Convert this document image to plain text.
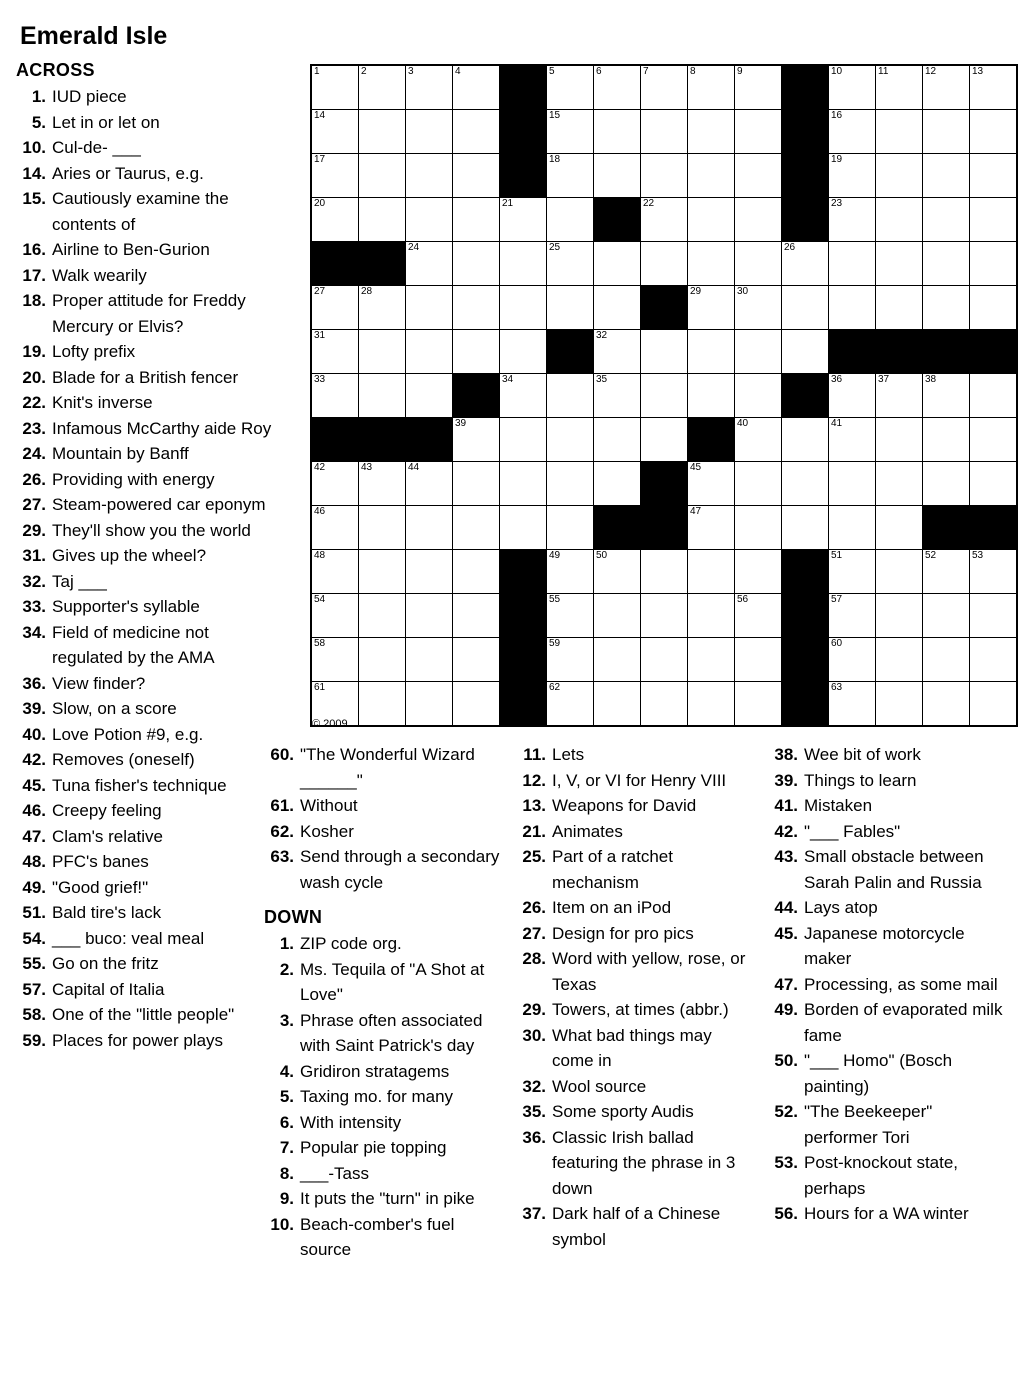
Emerald Isle
ACROSS
1. IUD piece
5. Let in or let on
10. Cul-de- ___
14. Aries or Taurus, e.g.
15. Cautiously examine the contents of
16. Airline to Ben-Gurion
17. Walk wearily
18. Proper attitude for Freddy Mercury or Elvis?
19. Lofty prefix
20. Blade for a British fencer
22. Knit's inverse
23. Infamous McCarthy aide Roy
24. Mountain by Banff
26. Providing with energy
27. Steam-powered car eponym
29. They'll show you the world
31. Gives up the wheel?
32. Taj ___
33. Supporter's syllable
34. Field of medicine not regulated by the AMA
36. View finder?
39. Slow, on a score
40. Love Potion #9, e.g.
42. Removes (oneself)
45. Tuna fisher's technique
46. Creepy feeling
47. Clam's relative
48. PFC's banes
49. "Good grief!"
51. Bald tire's lack
54. ___ buco: veal meal
55. Go on the fritz
57. Capital of Italia
58. One of the "little people"
59. Places for power plays
1	2	3	4		5	6	7	8	9		10	11	12	13

14					15						16			

17					18						19			

20				21			22				23			

		24			25					26				

27	28							29	30					

31						32								

33				34		35					36	37	38	

			39						40		41			

42	43	44						45						

46								47						

48					49	50					51		52	53

54					55				56		57			

58					59						60			

61					62						63			

© 2009
60. "The Wonderful Wizard ______"
61. Without
62. Kosher
63. Send through a secondary wash cycle
DOWN
1. ZIP code org.
2. Ms. Tequila of "A Shot at Love"
3. Phrase often associated with Saint Patrick's day
4. Gridiron stratagems
5. Taxing mo. for many
6. With intensity
7. Popular pie topping
8. ___-Tass
9. It puts the "turn" in pike
10. Beach-comber's fuel source
11. Lets
12. I, V, or VI for Henry VIII
13. Weapons for David
21. Animates
25. Part of a ratchet mechanism
26. Item on an iPod
27. Design for pro pics
28. Word with yellow, rose, or Texas
29. Towers, at times (abbr.)
30. What bad things may come in
32. Wool source
35. Some sporty Audis
36. Classic Irish ballad featuring the phrase in 3 down
37. Dark half of a Chinese symbol
38. Wee bit of work
39. Things to learn
41. Mistaken
42. "___ Fables"
43. Small obstacle between Sarah Palin and Russia
44. Lays atop
45. Japanese motorcycle maker
47. Processing, as some mail
49. Borden of evaporated milk fame
50. "___ Homo" (Bosch painting)
52. "The Beekeeper" performer Tori
53. Post-knockout state, perhaps
56. Hours for a WA winter
